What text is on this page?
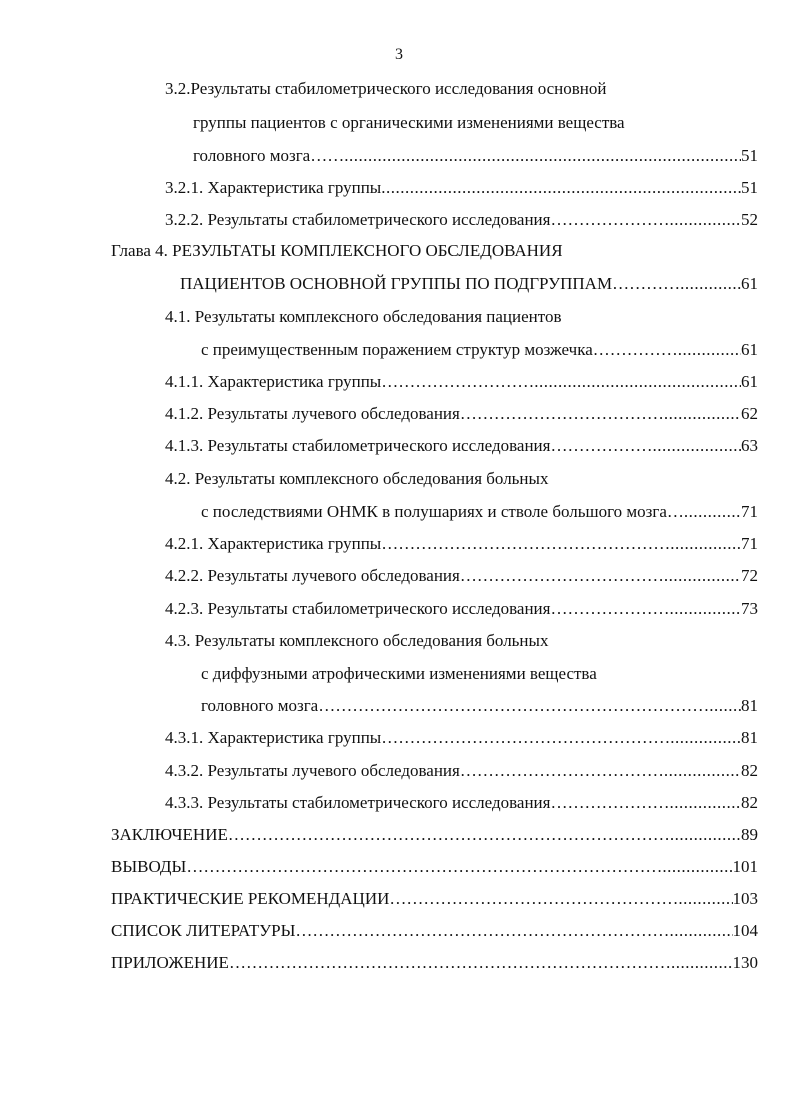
3
3.2.Результаты стабилометрического исследования основной
группы пациентов с органическими изменениями вещества
головного мозга…… .....	51
3.2.1. Характеристика группы .....	51
3.2.2. Результаты стабилометрического исследования………………… .....	52
Глава 4. РЕЗУЛЬТАТЫ КОМПЛЕКСНОГО ОБСЛЕДОВАНИЯ
ПАЦИЕНТОВ ОСНОВНОЙ ГРУППЫ ПО ПОДГРУППАМ………… .....	61
4.1. Результаты комплексного обследования пациентов
с преимущественным поражением структур мозжечка…………… .....	61
4.1.1. Характеристика группы……………………… .....	61
4.1.2. Результаты лучевого обследования……………………………… .....	62
4.1.3. Результаты стабилометрического исследования……………… .....	63
4.2. Результаты комплексного обследования больных
с последствиями ОНМК в полушариях и стволе большого мозга… .....	71
4.2.1. Характеристика группы…………………………………………… .....	71
4.2.2. Результаты лучевого обследования……………………………… .....	72
4.2.3. Результаты стабилометрического исследования………………… .....	73
4.3. Результаты комплексного обследования больных
с диффузными атрофическими изменениями вещества
головного мозга…………………………………………………………… ..... 81
4.3.1. Характеристика группы…………………………………………… .....	81
4.3.2. Результаты лучевого обследования……………………………… .....	82
4.3.3. Результаты стабилометрического исследования………………… .....	82
ЗАКЛЮЧЕНИЕ…………………………………………………………………… .....	89
ВЫВОДЫ………………………………………………………………………… .....	101
ПРАКТИЧЕСКИЕ РЕКОМЕНДАЦИИ…………………………………………… .....	103
СПИСОК ЛИТЕРАТУРЫ………………………………………………………… .....	104
ПРИЛОЖЕНИЕ…………………………………………………………………… .....	130
